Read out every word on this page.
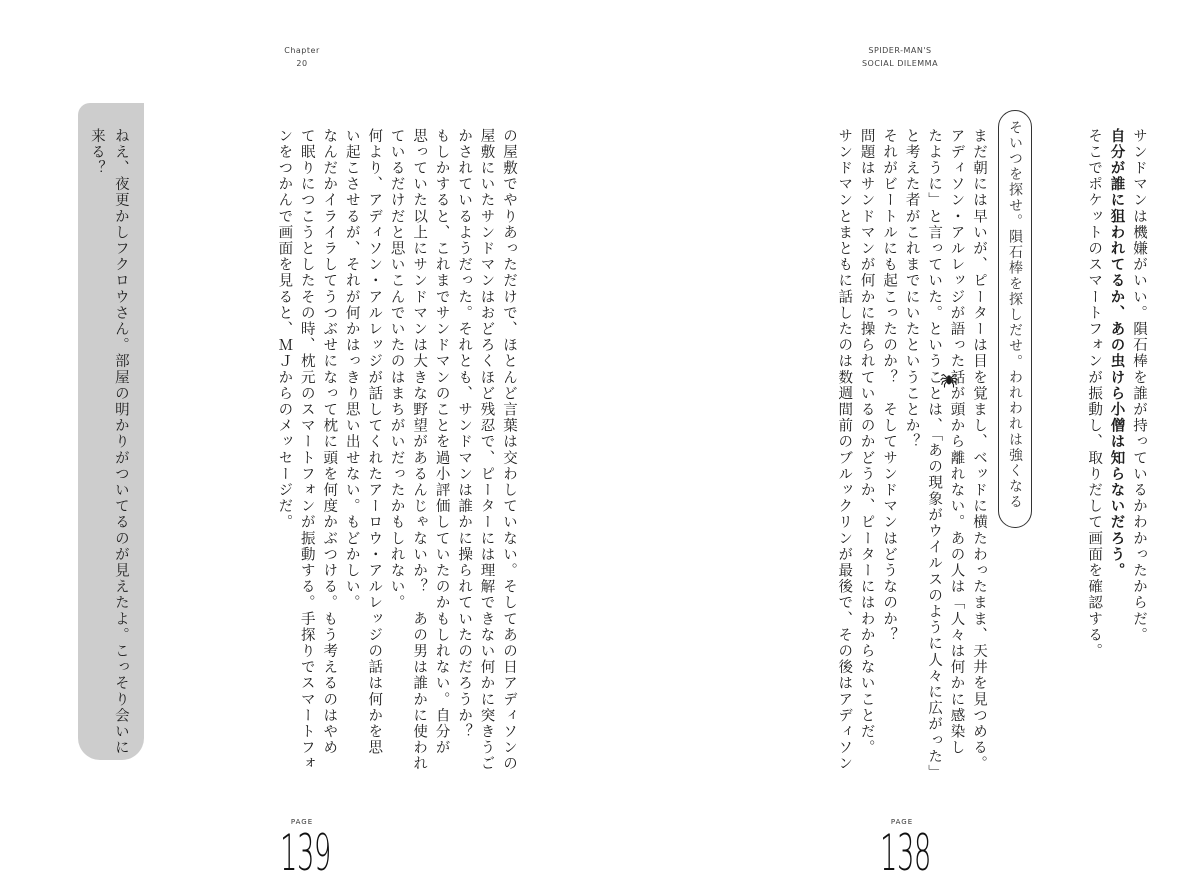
Chapter
20
の屋敷でやりあっただけで、ほとんど言葉は交わしていない。そしてあの日アディソンの
屋敷にいたサンドマンはおどろくほど残忍で、ピーターには理解できない何かに突きうご
かされているようだった。それとも、サンドマンは誰かに操られていたのだろうか？
もしかすると、これまでサンドマンのことを過小評価していたのかもしれない。自分が
思っていた以上にサンドマンは大きな野望があるんじゃないか？　あの男は誰かに使われ
ているだけだと思いこんでいたのはまちがいだったかもしれない。
何より、アディソン・アルレッジが話してくれたアーロウ・アルレッジの話は何かを思
い起こさせるが、それが何かはっきり思い出せない。もどかしい。
なんだかイライラしてうつぶせになって枕に頭を何度かぶつける。もう考えるのはやめ
て眠りにつこうとしたその時、枕元のスマートフォンが振動する。手探りでスマートフォ
ンをつかんで画面を見ると、ＭＪからのメッセージだ。
ねえ、夜更かしフクロウさん。部屋の明かりがついてるのが見えたよ。こっそり会いに
来る？
PAGE
139
SPIDER-MAN'S
SOCIAL DILEMMA
サンドマンは機嫌がいい。隕石棒を誰が持っているかわかったからだ。
自分が誰に狙われてるか、あの虫けら小僧は知らないだろう。
そこでポケットのスマートフォンが振動し、取りだして画面を確認する。
そいつを探せ。隕石棒を探しだせ。われわれは強くなる
まだ朝には早いが、ピーターは目を覚まし、ベッドに横たわったまま、天井を見つめる。
アディソン・アルレッジが語った話が頭から離れない。あの人は「人々は何かに感染し
たように」と言っていた。ということは、「あの現象がウイルスのように人々に広がった」
と考えた者がこれまでにいたということか？
それがビートルにも起こったのか？　そしてサンドマンはどうなのか？
問題はサンドマンが何かに操られているのかどうか、ピーターにはわからないことだ。
サンドマンとまともに話したのは数週間前のブルックリンが最後で、その後はアディソン
PAGE
138
